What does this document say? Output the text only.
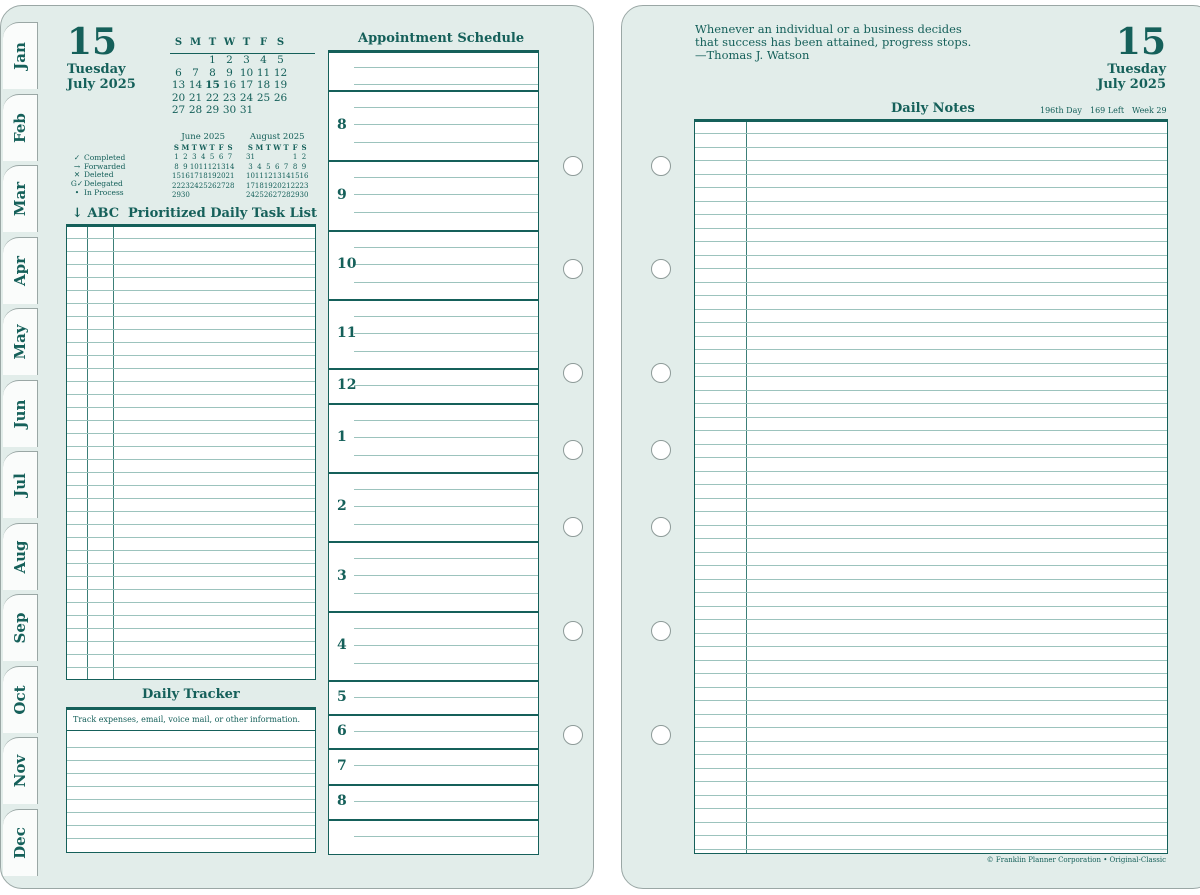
Jan
Feb
Mar
Apr
May
Jun
Jul
Aug
Sep
Oct
Nov
Dec
15
Tuesday
July 2025
S	M	T	W	T	F	S

		1	2	3	4	5
6	7	8	9	10	11	12
13	14	15	16	17	18	19
20	21	22	23	24	25	26
27	28	29	30	31		
June 2025
S	M	T	W	T	F	S
1	2	3	4	5	6	7
8	9	10	11	12	13	14
15	16	17	18	19	20	21
22	23	24	25	26	27	28
29	30					
August 2025
S	M	T	W	T	F	S
31					1	2
3	4	5	6	7	8	9
10	11	12	13	14	15	16
17	18	19	20	21	22	23
24	25	26	27	28	29	30
✓ Completed
→ Forwarded
✕ Deleted
G✓Delegated
• In Process
↓ ABC Prioritized Daily Task List
Daily Tracker
Track expenses, email, voice mail, or other information.
Appointment Schedule
8
9
10
11
12
1
2
3
4
5
6
7
8
Whenever an individual or a business decides
that success has been attained, progress stops.
—Thomas J. Watson	15
Tuesday
July 2025
Daily Notes	196th Day 169 Left Week 29
© Franklin Planner Corporation • Original-Classic
